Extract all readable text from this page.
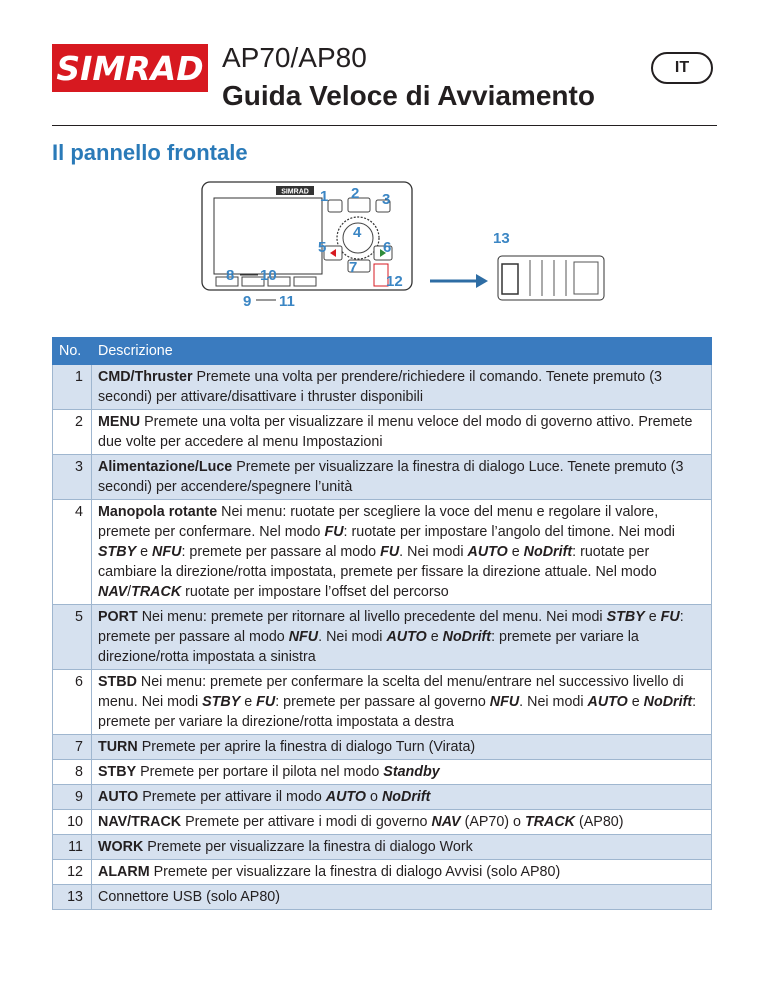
SIMRAD AP70/AP80
Guida Veloce di Avviamento
IT
Il pannello frontale
SIMRAD 1 2 3
4
5	6
7
8 10
9 11
12
13
No.	Descrizione
1	CMD/Thruster Premete una volta per prendere/richiedere il comando. Tenete premuto (3 secondi) per attivare/disattivare i thruster disponibili
2	MENU Premete una volta per visualizzare il menu veloce del modo di governo attivo. Premete due volte per accedere al menu Impostazioni
3	Alimentazione/Luce Premete per visualizzare la finestra di dialogo Luce. Tenete premuto (3 secondi) per accendere/spegnere l’unità
4	Manopola rotante Nei menu: ruotate per scegliere la voce del menu e regolare il valore, premete per confermare. Nel modo FU: ruotate per impostare l’angolo del timone. Nei modi STBY e NFU: premete per passare al modo FU. Nei modi AUTO e NoDrift: ruotate per cambiare la direzione/rotta impostata, premete per fissare la direzione attuale. Nel modo NAV/TRACK ruotate per impostare l’offset del percorso
5	PORT Nei menu: premete per ritornare al livello precedente del menu. Nei modi STBY e FU: premete per passare al modo NFU. Nei modi AUTO e NoDrift: premete per variare la direzione/rotta impostata a sinistra
6	STBD Nei menu: premete per confermare la scelta del menu/entrare nel successivo livello di menu. Nei modi STBY e FU: premete per passare al governo NFU. Nei modi AUTO e NoDrift: premete per variare la direzione/rotta impostata a destra
7	TURN Premete per aprire la finestra di dialogo Turn (Virata)
8	STBY Premete per portare il pilota nel modo Standby
9	AUTO Premete per attivare il modo AUTO o NoDrift
10	NAV/TRACK Premete per attivare i modi di governo NAV (AP70) o TRACK (AP80)
11	WORK Premete per visualizzare la finestra di dialogo Work
12	ALARM Premete per visualizzare la finestra di dialogo Avvisi (solo AP80)
13	Connettore USB (solo AP80)
